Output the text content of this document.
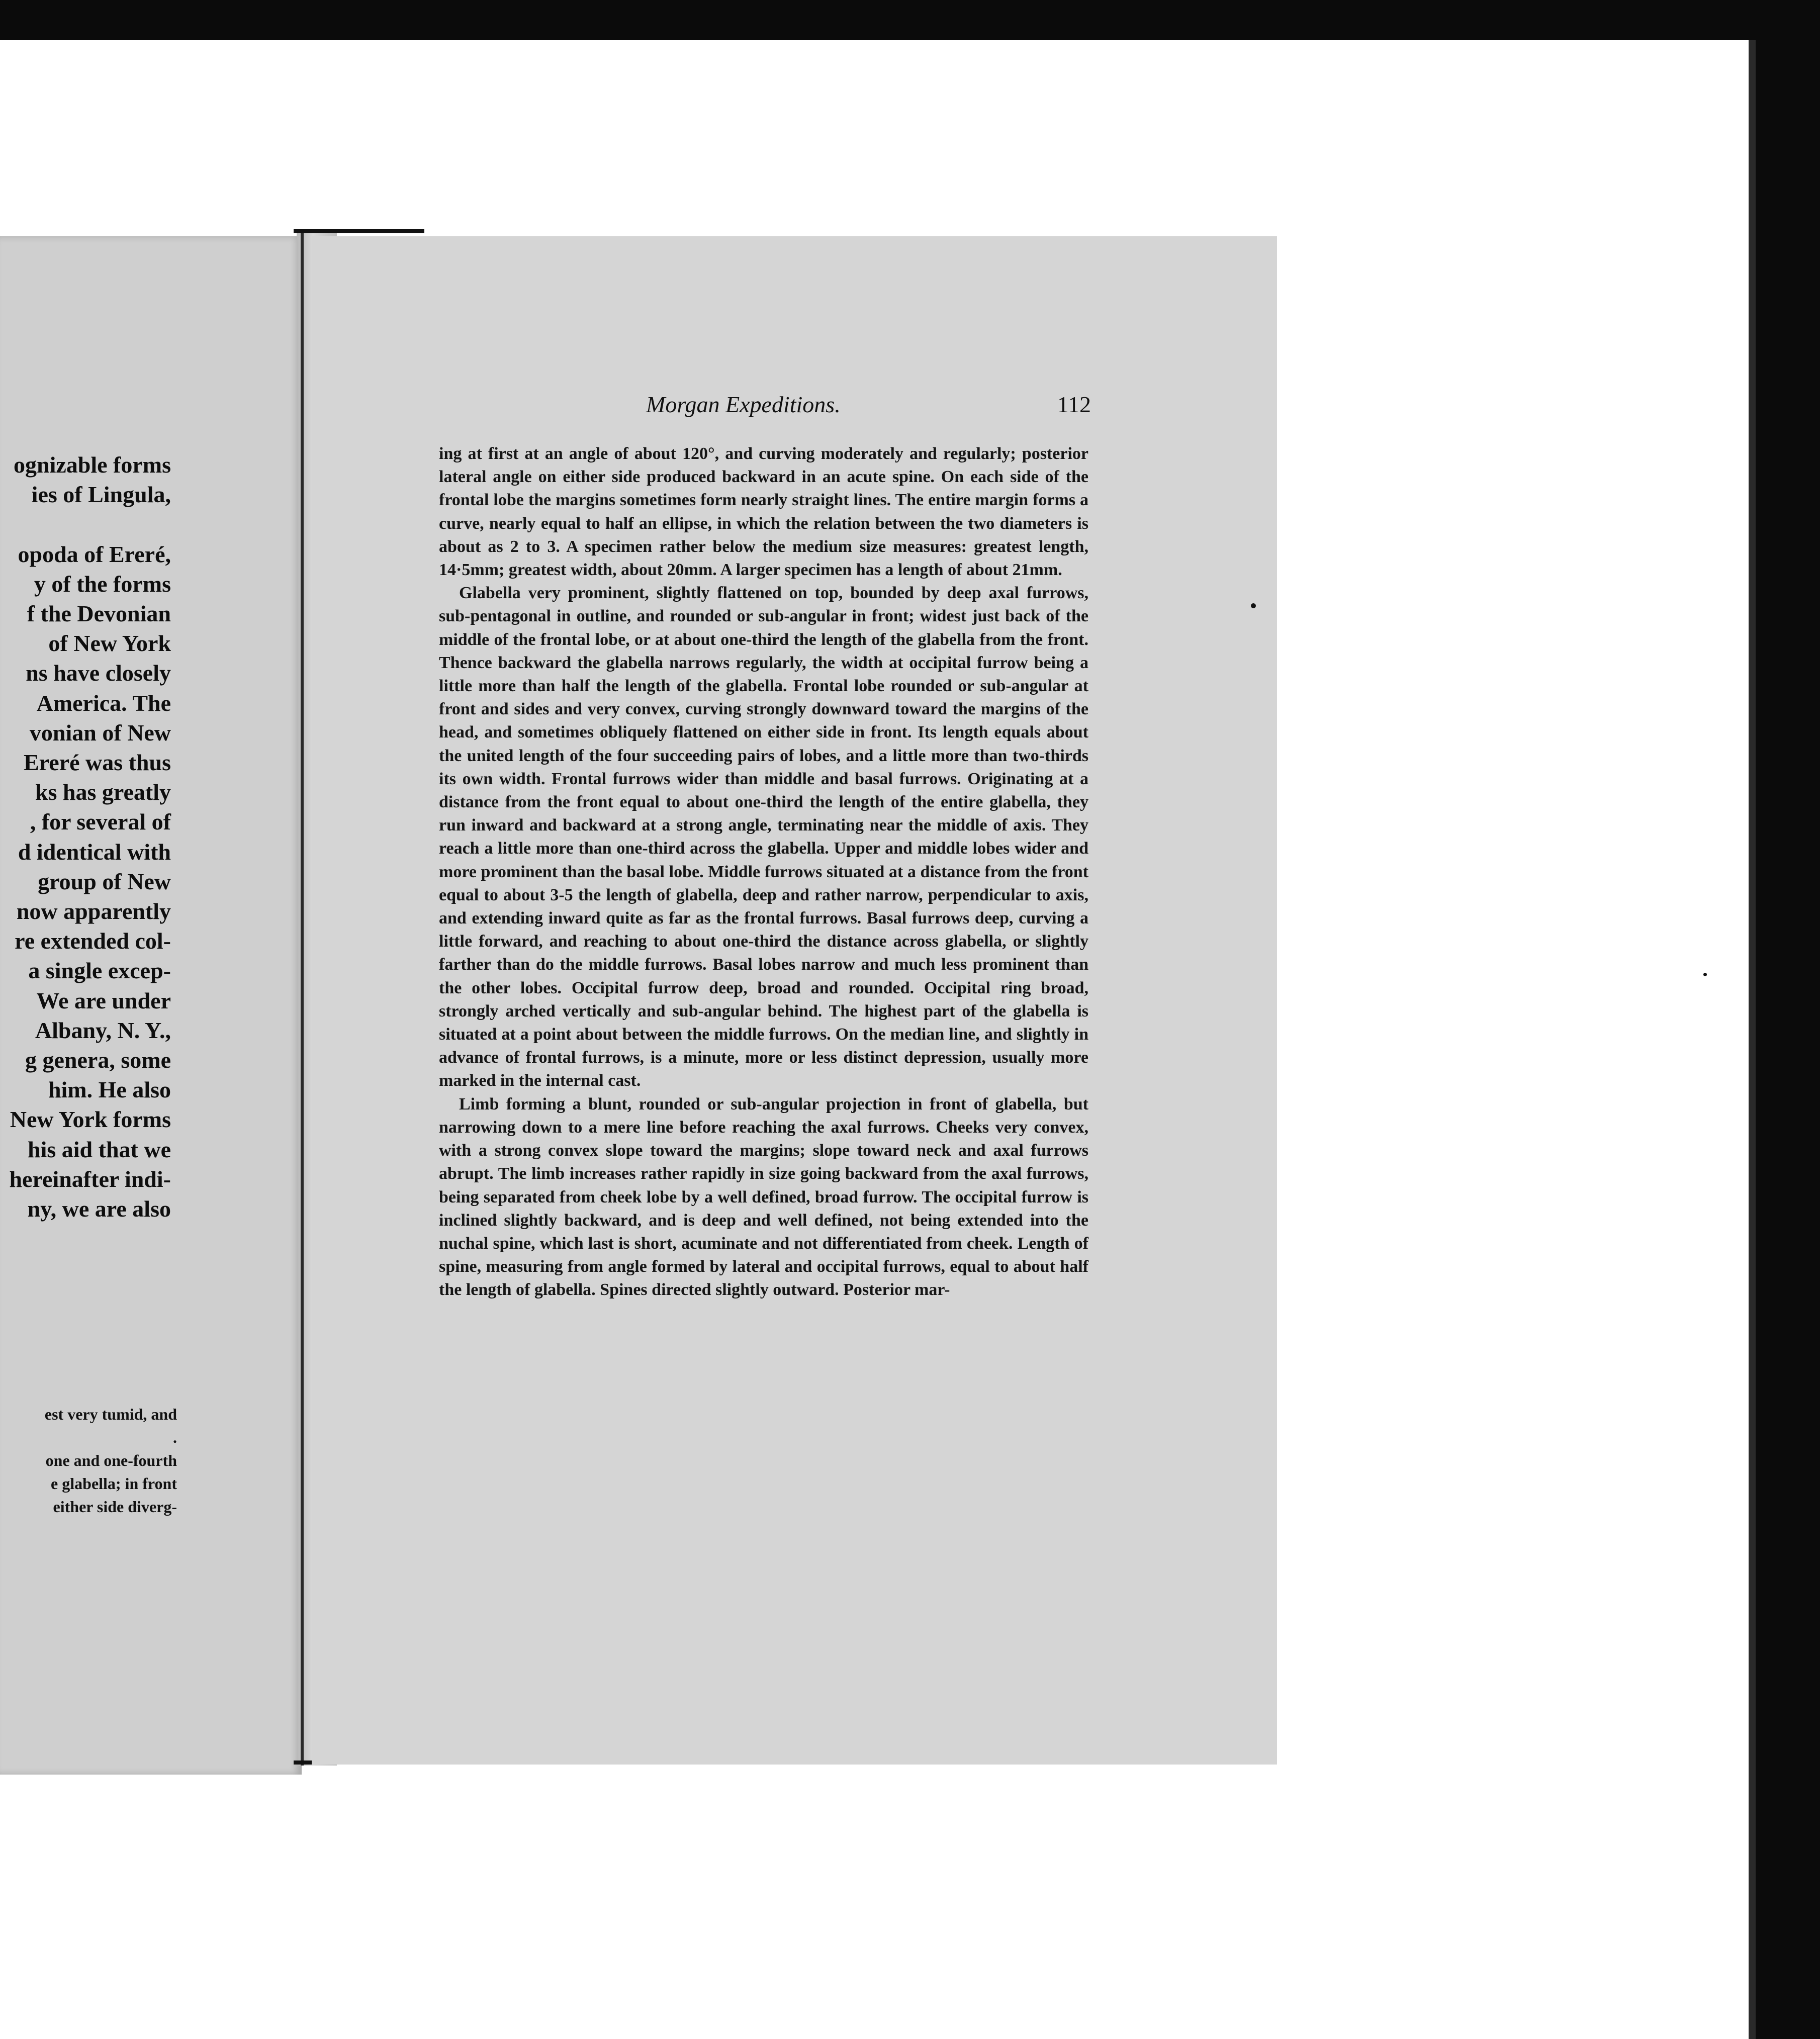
ognizable forms
ies of Lingula,
opoda of Ereré,
y of the forms
f the Devonian
of New York
ns have closely
America. The
vonian of New
Ereré was thus
ks has greatly
, for several of
d identical with
group of New
now apparently
re extended col-
a single excep-
We are under
Albany, N. Y.,
g genera, some
him. He also
New York forms
his aid that we
hereinafter indi-
ny, we are also
est very tumid, and
.
one and one-fourth
e glabella; in front
either side diverg-
Morgan Expeditions.	112

ing at first at an angle of about 120°, and curving moderately and regularly; posterior lateral angle on either side produced backward in an acute spine. On each side of the frontal lobe the margins sometimes form nearly straight lines. The entire margin forms a curve, nearly equal to half an ellipse, in which the relation between the two diameters is about as 2 to 3. A specimen rather below the medium size measures: greatest length, 14·5mm; greatest width, about 20mm. A larger specimen has a length of about 21mm.

Glabella very prominent, slightly flattened on top, bounded by deep axal furrows, sub-pentagonal in outline, and rounded or sub-angular in front; widest just back of the middle of the frontal lobe, or at about one-third the length of the glabella from the front. Thence backward the glabella narrows regularly, the width at occipital furrow being a little more than half the length of the glabella. Frontal lobe rounded or sub-angular at front and sides and very convex, curving strongly downward toward the margins of the head, and sometimes obliquely flattened on either side in front. Its length equals about the united length of the four succeeding pairs of lobes, and a little more than two-thirds its own width. Frontal furrows wider than middle and basal furrows. Originating at a distance from the front equal to about one-third the length of the entire glabella, they run inward and backward at a strong angle, terminating near the middle of axis. They reach a little more than one-third across the glabella. Upper and middle lobes wider and more prominent than the basal lobe. Middle furrows situated at a distance from the front equal to about 3-5 the length of glabella, deep and rather narrow, perpendicular to axis, and extending inward quite as far as the frontal furrows. Basal furrows deep, curving a little forward, and reaching to about one-third the distance across glabella, or slightly farther than do the middle furrows. Basal lobes narrow and much less prominent than the other lobes. Occipital furrow deep, broad and rounded. Occipital ring broad, strongly arched vertically and sub-angular behind. The highest part of the glabella is situated at a point about between the middle furrows. On the median line, and slightly in advance of frontal furrows, is a minute, more or less distinct depression, usually more marked in the internal cast.

Limb forming a blunt, rounded or sub-angular projection in front of glabella, but narrowing down to a mere line before reaching the axal furrows. Cheeks very convex, with a strong convex slope toward the margins; slope toward neck and axal furrows abrupt. The limb increases rather rapidly in size going backward from the axal furrows, being separated from cheek lobe by a well defined, broad furrow. The occipital furrow is inclined slightly backward, and is deep and well defined, not being extended into the nuchal spine, which last is short, acuminate and not differentiated from cheek. Length of spine, measuring from angle formed by lateral and occipital furrows, equal to about half the length of glabella. Spines directed slightly outward. Posterior mar-
